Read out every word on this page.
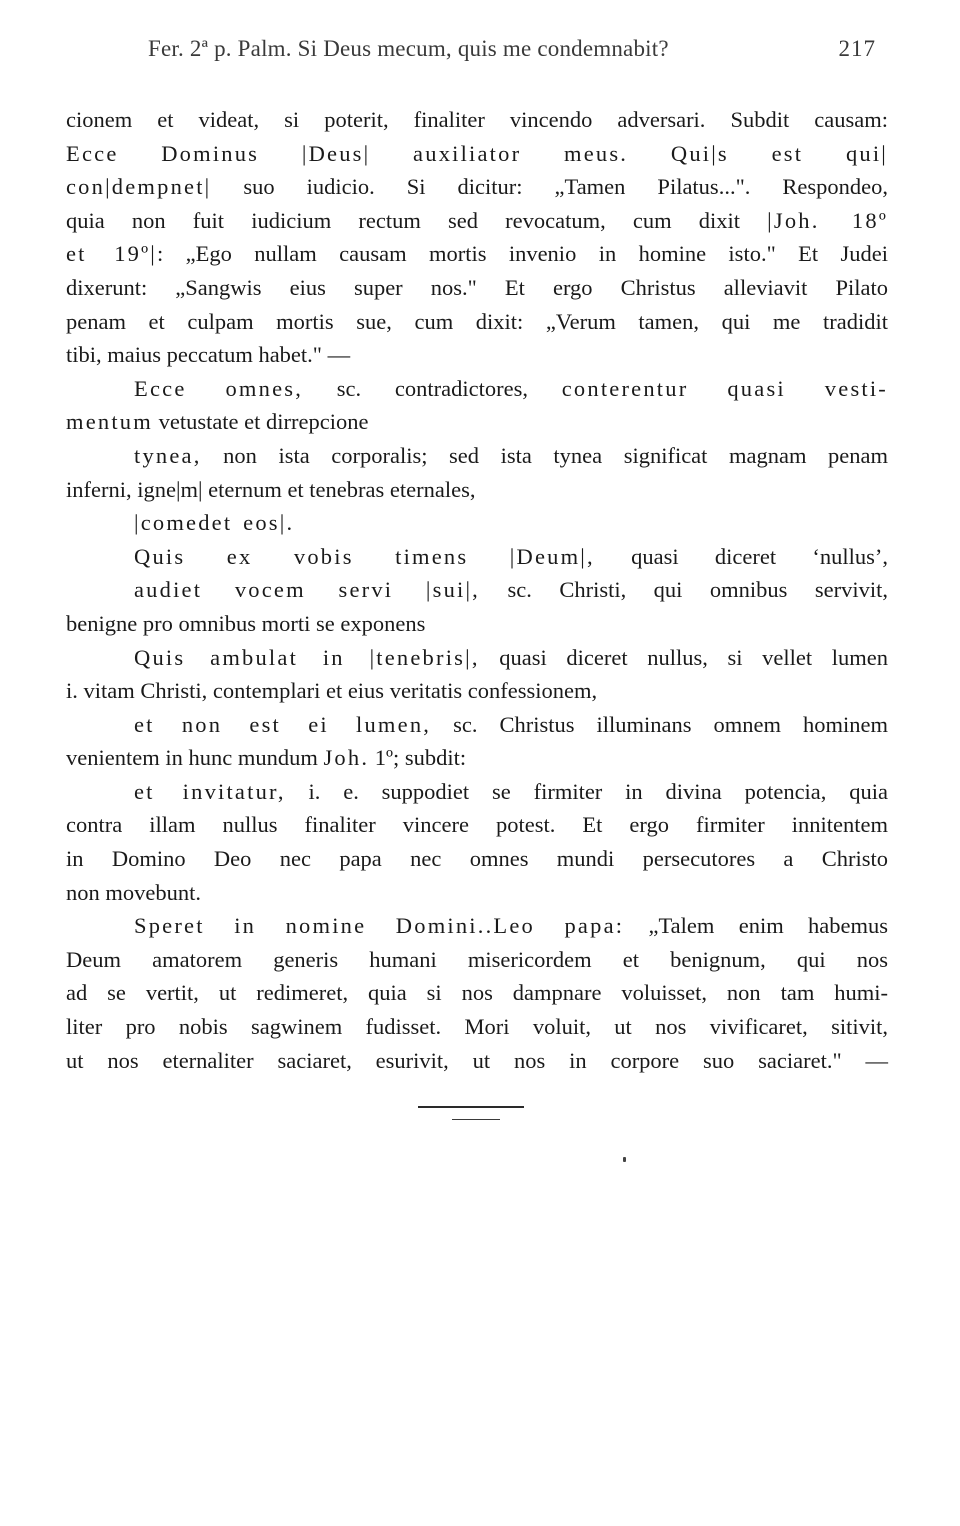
Fer. 2ª p. Palm. Si Deus mecum, quis me condemnabit?	217
cionem et videat, si poterit, finaliter vincendo adversari. Subdit causam:
Ecce Dominus |Deus| auxiliator meus. Qui|s est qui|
con|dempnet| suo iudicio. Si dicitur: „Tamen Pilatus...". Respondeo,
quia non fuit iudicium rectum sed revocatum, cum dixit |Joh. 18º
et 19º|: „Ego nullam causam mortis invenio in homine isto." Et Judei
dixerunt: „Sangwis eius super nos." Et ergo Christus alleviavit Pilato
penam et culpam mortis sue, cum dixit: „Verum tamen, qui me tradidit
tibi, maius peccatum habet." —
Ecce omnes, sc. contradictores, conterentur quasi vesti-
mentum vetustate et dirrepcione
tynea, non ista corporalis; sed ista tynea significat magnam penam
inferni, igne|m| eternum et tenebras eternales,
|comedet eos|.
Quis ex vobis timens |Deum|, quasi diceret ‘nullus’,
audiet vocem servi |sui|, sc. Christi, qui omnibus servivit,
benigne pro omnibus morti se exponens
Quis ambulat in |tenebris|, quasi diceret nullus, si vellet lumen
i. vitam Christi, contemplari et eius veritatis confessionem,
et non est ei lumen, sc. Christus illuminans omnem hominem
venientem in hunc mundum Joh. 1º; subdit:
et invitatur, i. e. suppodiet se firmiter in divina potencia, quia
contra illam nullus finaliter vincere potest. Et ergo firmiter innitentem
in Domino Deo nec papa nec omnes mundi persecutores a Christo
non movebunt.
Speret in nomine Domini..Leo papa: „Talem enim habemus
Deum amatorem generis humani misericordem et benignum, qui nos
ad se vertit, ut redimeret, quia si nos dampnare voluisset, non tam humi-
liter pro nobis sagwinem fudisset. Mori voluit, ut nos vivificaret, sitivit,
ut nos eternaliter saciaret, esurivit, ut nos in corpore suo saciaret." —
